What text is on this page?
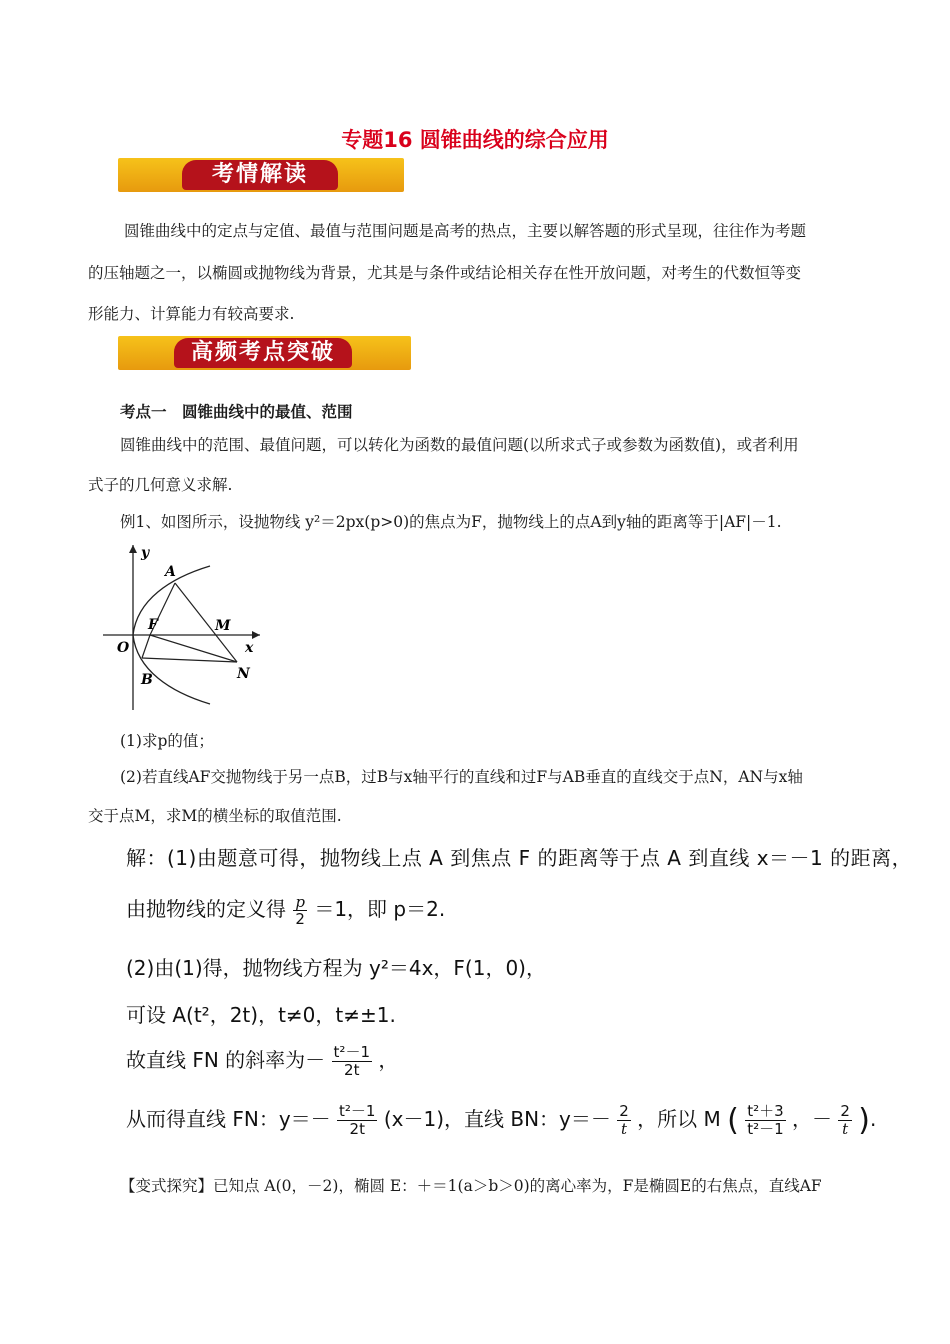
专题16 圆锥曲线的综合应用
考情解读
圆锥曲线中的定点与定值、最值与范围问题是高考的热点，主要以解答题的形式呈现，往往作为考题
的压轴题之一，以椭圆或抛物线为背景，尤其是与条件或结论相关存在性开放问题，对考生的代数恒等变
形能力、计算能力有较高要求.
高频考点突破
考点一　圆锥曲线中的最值、范围
圆锥曲线中的范围、最值问题，可以转化为函数的最值问题(以所求式子或参数为函数值)，或者利用
式子的几何意义求解.
例1、如图所示，设抛物线 y²＝2px(p>0)的焦点为F，抛物线上的点A到y轴的距离等于|AF|－1.
y
x
O
A
F	M
B	N
(1)求p的值；
(2)若直线AF交抛物线于另一点B，过B与x轴平行的直线和过F与AB垂直的直线交于点N，AN与x轴
交于点M，求M的横坐标的取值范围.
解：(1)由题意可得，抛物线上点 A 到焦点 F 的距离等于点 A 到直线 x＝－1 的距离，
由抛物线的定义得 $\frac{p}{2} =1$，即 p＝2.
(2)由(1)得，抛物线方程为 y²＝4x，F(1，0)，
可设 A(t²，2t)，t≠0，t≠±1.
故直线 FN 的斜率为－ $\frac{\text{t²－1}}{2t}$ ，
从而得直线 FN：$y=- \frac{\text{t²－1}}{2t} (x-1)$，直线 BN：$y=- \frac{2}{t}$ ，所以 M ( $\frac{\text{t²＋3}}{\text{t²－1}}$ ，－ $\frac{2}{t}$ ).
【变式探究】已知点 A(0，－2)，椭圆 E：＋＝1(a＞b＞0)的离心率为，F是椭圆E的右焦点，直线AF
